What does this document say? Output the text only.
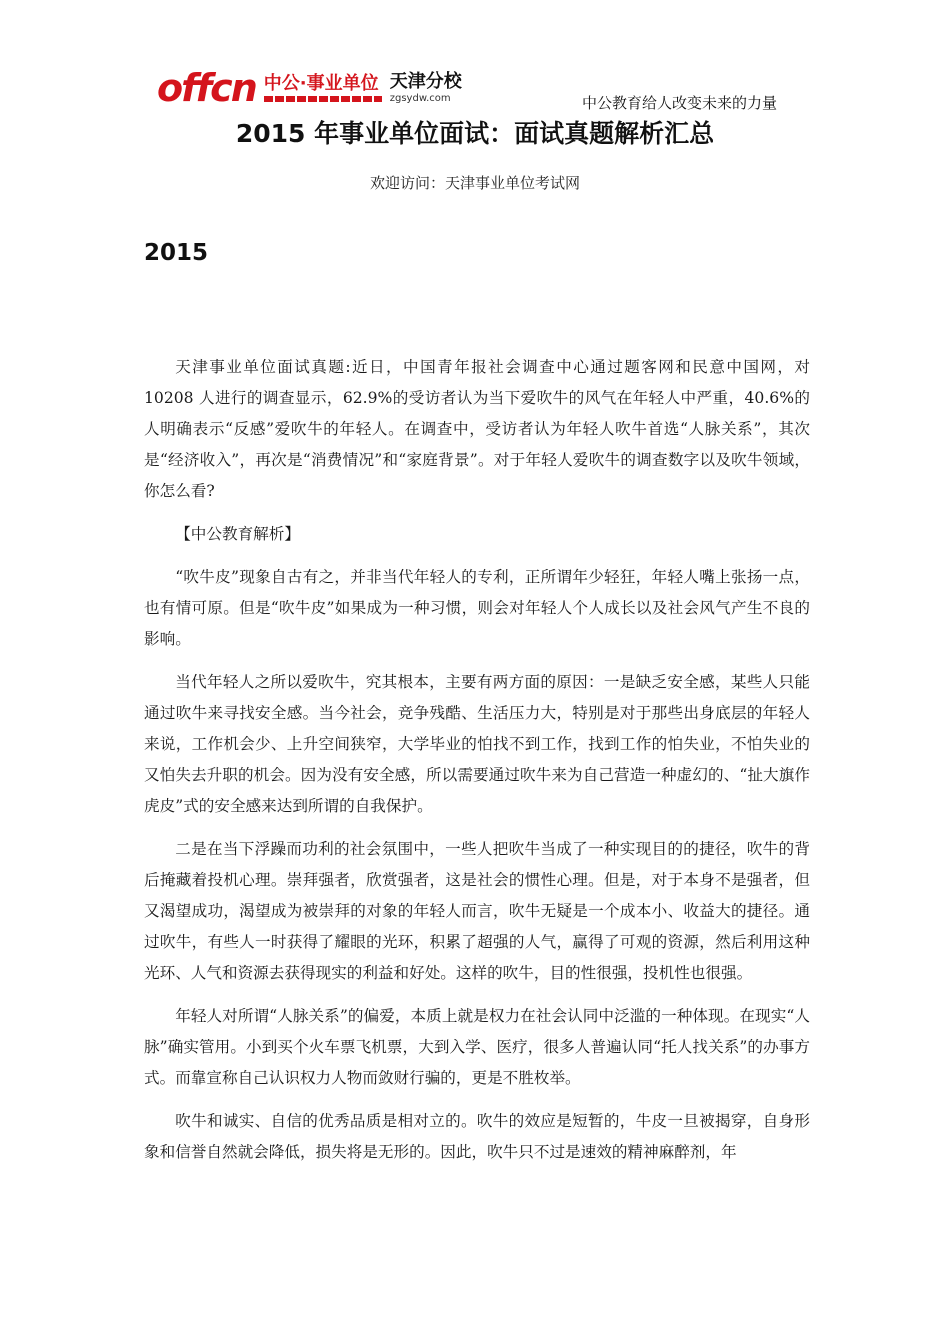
offcn 中公·事业单位 天津分校
zgsydw.com	中公教育给人改变未来的力量
2015 年事业单位面试：面试真题解析汇总
欢迎访问：天津事业单位考试网
2015

天津事业单位面试真题:近日，中国青年报社会调查中心通过题客网和民意中国网，对 10208 人进行的调查显示，62.9%的受访者认为当下爱吹牛的风气在年轻人中严重，40.6%的人明确表示“反感”爱吹牛的年轻人。在调查中，受访者认为年轻人吹牛首选“人脉关系”，其次是“经济收入”，再次是“消费情况”和“家庭背景”。对于年轻人爱吹牛的调查数字以及吹牛领域，你怎么看?

【中公教育解析】

“吹牛皮”现象自古有之，并非当代年轻人的专利，正所谓年少轻狂，年轻人嘴上张扬一点，也有情可原。但是“吹牛皮”如果成为一种习惯，则会对年轻人个人成长以及社会风气产生不良的影响。

当代年轻人之所以爱吹牛，究其根本，主要有两方面的原因：一是缺乏安全感，某些人只能通过吹牛来寻找安全感。当今社会，竞争残酷、生活压力大，特别是对于那些出身底层的年轻人来说，工作机会少、上升空间狭窄，大学毕业的怕找不到工作，找到工作的怕失业，不怕失业的又怕失去升职的机会。因为没有安全感，所以需要通过吹牛来为自己营造一种虚幻的、“扯大旗作虎皮”式的安全感来达到所谓的自我保护。

二是在当下浮躁而功利的社会氛围中，一些人把吹牛当成了一种实现目的的捷径，吹牛的背后掩藏着投机心理。崇拜强者，欣赏强者，这是社会的惯性心理。但是，对于本身不是强者，但又渴望成功，渴望成为被崇拜的对象的年轻人而言，吹牛无疑是一个成本小、收益大的捷径。通过吹牛，有些人一时获得了耀眼的光环，积累了超强的人气，赢得了可观的资源，然后利用这种光环、人气和资源去获得现实的利益和好处。这样的吹牛，目的性很强，投机性也很强。

年轻人对所谓“人脉关系”的偏爱，本质上就是权力在社会认同中泛滥的一种体现。在现实“人脉”确实管用。小到买个火车票飞机票，大到入学、医疗，很多人普遍认同“托人找关系”的办事方式。而靠宣称自己认识权力人物而敛财行骗的，更是不胜枚举。

吹牛和诚实、自信的优秀品质是相对立的。吹牛的效应是短暂的，牛皮一旦被揭穿，自身形象和信誉自然就会降低，损失将是无形的。因此，吹牛只不过是速效的精神麻醉剂，年
